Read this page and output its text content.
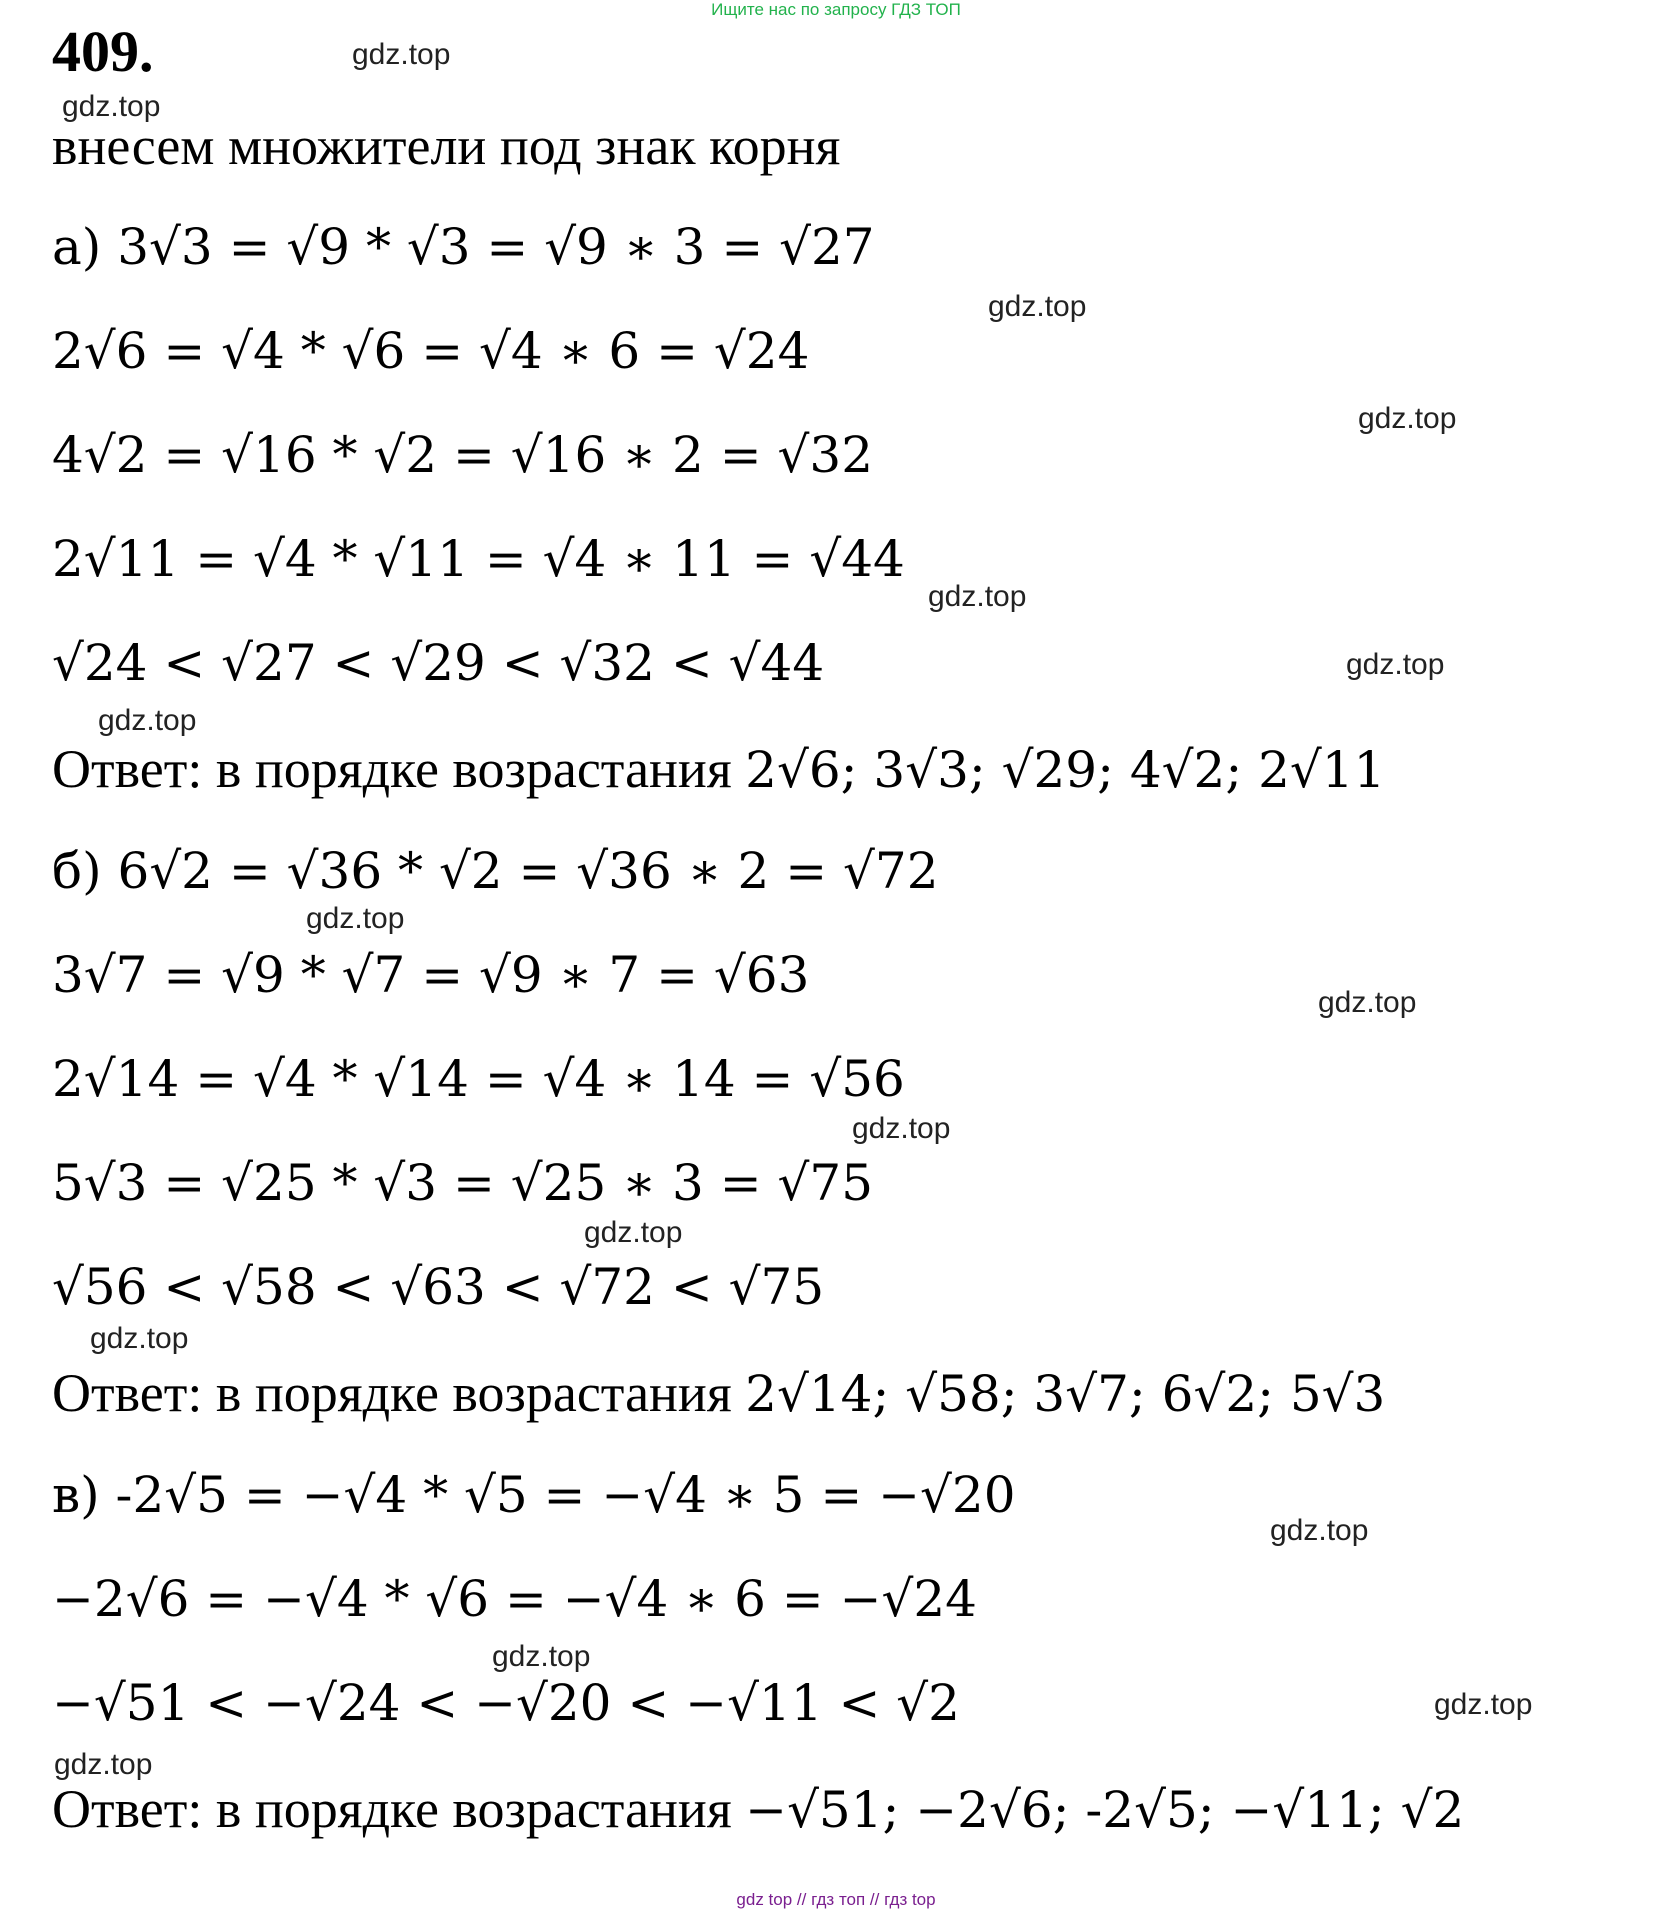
Ищите нас по запросу ГДЗ ТОП
409.
внесем множители под знак корня
а) 3√3 = √9 * √3 = √9 ∗ 3 = √27
2√6 = √4 * √6 = √4 ∗ 6 = √24
4√2 = √16 * √2 = √16 ∗ 2 = √32
2√11 = √4 * √11 = √4 ∗ 11 = √44
√24 < √27 < √29 < √32 < √44
Ответ: в порядке возрастания 2√6; 3√3; √29; 4√2; 2√11
б) 6√2 = √36 * √2 = √36 ∗ 2 = √72
3√7 = √9 * √7 = √9 ∗ 7 = √63
2√14 = √4 * √14 = √4 ∗ 14 = √56
5√3 = √25 * √3 = √25 ∗ 3 = √75
√56 < √58 < √63 < √72 < √75
Ответ: в порядке возрастания 2√14; √58; 3√7; 6√2; 5√3
в) -2√5 = −√4 * √5 = −√4 ∗ 5 = −√20
−2√6 = −√4 * √6 = −√4 ∗ 6 = −√24
−√51 < −√24 < −√20 < −√11 < √2
Ответ: в порядке возрастания −√51; −2√6; -2√5; −√11; √2
gdz.top
gdz.top
gdz.top
gdz.top
gdz.top
gdz.top
gdz.top
gdz.top
gdz.top
gdz.top
gdz.top
gdz.top
gdz.top
gdz.top
gdz.top
gdz.top
gdz top // гдз топ // гдз top
